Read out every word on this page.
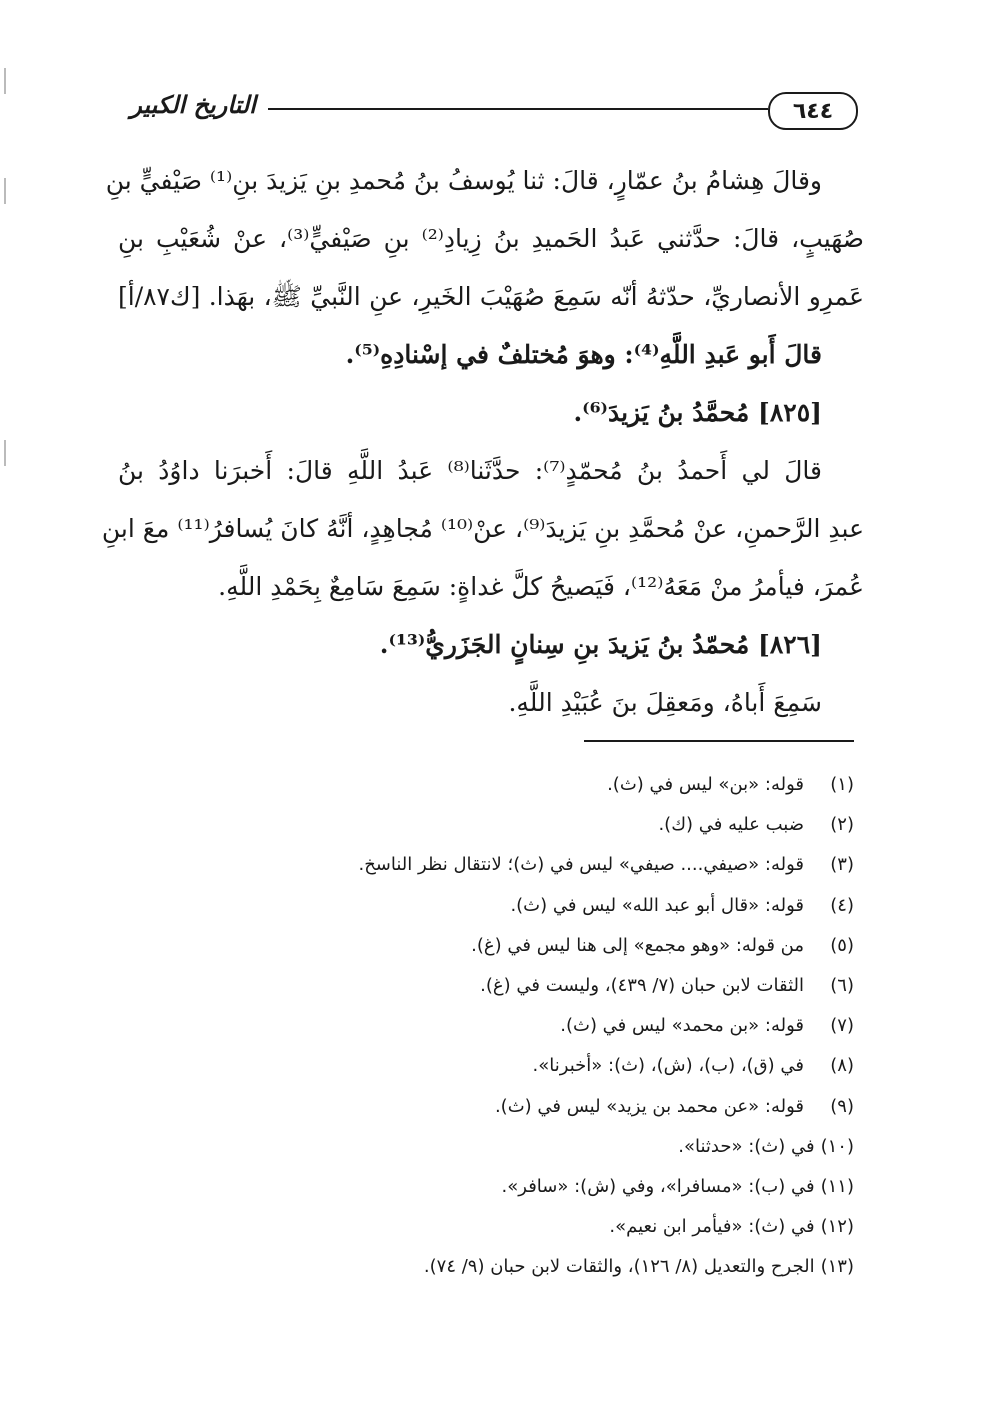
٦٤٤
التاريخ الكبير
وقالَ هِشامُ بنُ عمّارٍ، قالَ: ثنا يُوسفُ بنُ مُحمدِ بنِ يَزيدَ بنِ⁽¹⁾ صَيْفيٍّ بنِ
صُهَيبٍ، قالَ: حدَّثني عَبدُ الحَميدِ بنُ زِيادِ⁽²⁾ بنِ صَيْفيٍّ⁽³⁾، عنْ شُعَيْبِ بنِ
عَمرِو الأنصاريِّ، حدّثهُ أنّه سَمِعَ صُهَيْبَ الخَيرِ، عنِ النَّبيِّ ﷺ، بهَذا. [ك٨٧/أ]
قالَ أَبو عَبدِ اللَّهِ⁽⁴⁾: وهوَ مُختلفٌ في إسْنادِهِ⁽⁵⁾.
[٨٢٥] مُحمَّدُ بنُ يَزيدَ⁽⁶⁾.
قالَ لي أَحمدُ بنُ مُحمّدٍ⁽⁷⁾: حدَّثَنا⁽⁸⁾ عَبدُ اللَّهِ قالَ: أَخبرَنا داوُدُ بنُ
عبدِ الرَّحمنِ، عنْ مُحمَّدِ بنِ يَزيدَ⁽⁹⁾، عنْ⁽¹⁰⁾ مُجاهِدٍ، أنَّهُ كانَ يُسافرُ⁽¹¹⁾ معَ ابنِ
عُمرَ، فيأمرُ منْ مَعَهُ⁽¹²⁾، فَيَصيحُ كلَّ غداةٍ: سَمِعَ سَامِعٌ بِحَمْدِ اللَّهِ.
[٨٢٦] مُحمّدُ بنُ يَزيدَ بنِ سِنانٍ الجَزَريُّ⁽¹³⁾.
سَمِعَ أَباهُ، ومَعقِلَ بنَ عُبَيْدِ اللَّهِ.
(١)قوله: «بن» ليس في (ث).
(٢)ضبب عليه في (ك).
(٣)قوله: «صيفي.... صيفي» ليس في (ث)؛ لانتقال نظر الناسخ.
(٤)قوله: «قال أبو عبد الله» ليس في (ث).
(٥)من قوله: «وهو مجمع» إلى هنا ليس في (غ).
(٦)الثقات لابن حبان (٧/ ٤٣٩)، وليست في (غ).
(٧)قوله: «بن محمد» ليس في (ث).
(٨)في (ق)، (ب)، (ش)، (ث): «أخبرنا».
(٩)قوله: «عن محمد بن يزيد» ليس في (ث).
(١٠)في (ث): «حدثنا».
(١١)في (ب): «مسافرا»، وفي (ش): «سافر».
(١٢)في (ث): «فيأمر ابن نعيم».
(١٣)الجرح والتعديل (٨/ ١٢٦)، والثقات لابن حبان (٩/ ٧٤).
